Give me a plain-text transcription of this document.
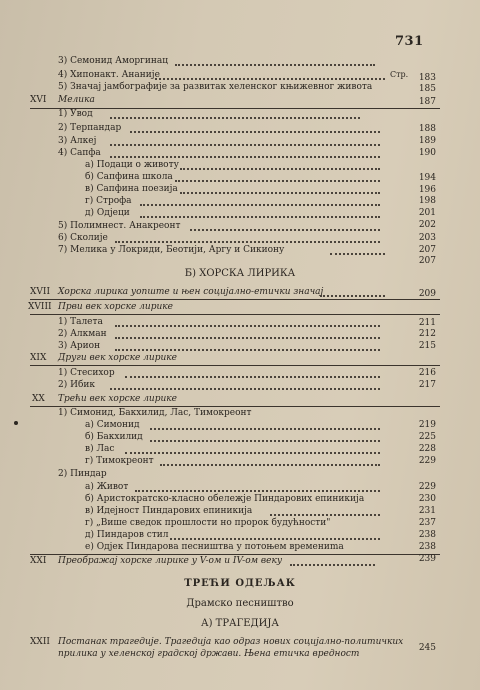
731
Стр.
3) Семонид Аморгинац
4) Хипонакт. Ананије	183
5) Значај јамбографије за развитак хеленског књижевног живота	185
XVI Мелика	187
1) Увод
2) Терпандар	188
3) Алкеј	189
4) Сапфа	190
а) Подаци о животу
б) Сапфина школа	194
в) Сапфина поезија	196
г) Строфа	198
д) Одјеци	201
5) Полимнест. Анакреонт	202
6) Сколије	203
7) Мелика у Локриди, Беотији, Аргу и Сикиону	207
207
Б) ХОРСКА ЛИРИКА
XVII Хорска лирика уопште и њен социјално-етички значај	209
XVIII Први век хорске лирике
1) Талета	211
2) Алкман	212
3) Арион	215
XIX Други век хорске лирике
1) Стесихор	216
2) Ибик	217
XX Трећи век хорске лирике
1) Симонид, Бакхилид, Лас, Тимокреонт
а) Симонид	219
б) Бакхилид	225
в) Лас	228
г) Тимокреонт	229
2) Пиндар
а) Живот	229
б) Аристократско-класно обележје Пиндарових епиникија	230
в) Идејност Пиндарових епиникија	231
г) „Више сведок прошлости но пророк будућности"	237
д) Пиндаров стил	238
е) Одјек Пиндарова песништва у потоњем времениma	238
XXI Преображај хорске лирике у V-ом и IV-ом веку	239
ТРЕЋИ ОДЕЉАК
Драмско песништво
А) ТРАГЕДИЈА
XXII Постанак трагедије. Трагедија као одраз нових социјално-политичких
прилика у хеленској градској држави. Њена етичка вредност
245
